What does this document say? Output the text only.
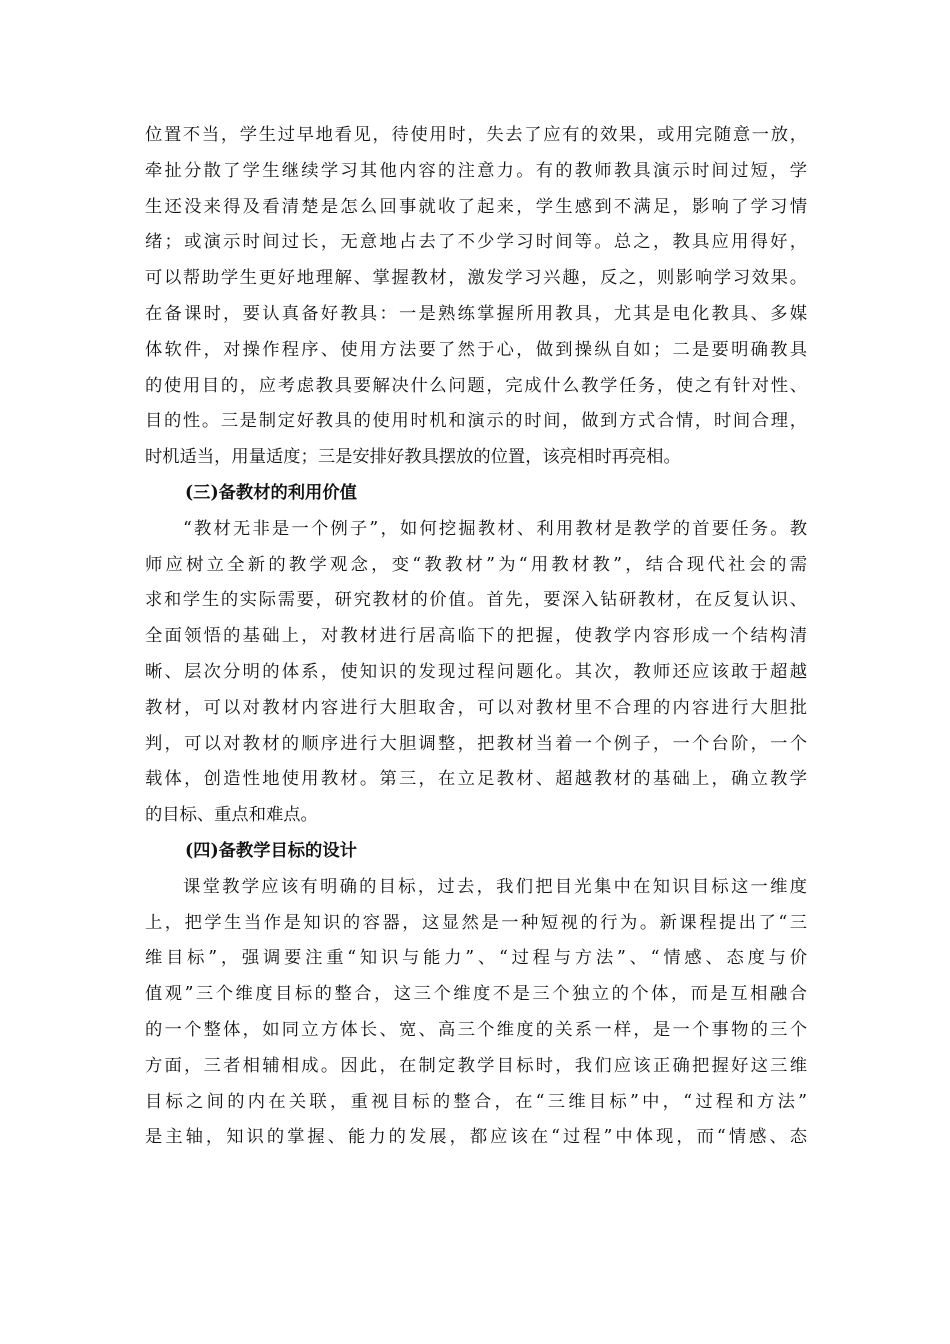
位置不当，学生过早地看见，待使用时，失去了应有的效果，或用完随意一放，
牵扯分散了学生继续学习其他内容的注意力。有的教师教具演示时间过短，学
生还没来得及看清楚是怎么回事就收了起来，学生感到不满足，影响了学习情
绪；或演示时间过长，无意地占去了不少学习时间等。总之，教具应用得好，
可以帮助学生更好地理解、掌握教材，激发学习兴趣，反之，则影响学习效果。
在备课时，要认真备好教具：一是熟练掌握所用教具，尤其是电化教具、多媒
体软件，对操作程序、使用方法要了然于心，做到操纵自如；二是要明确教具
的使用目的，应考虑教具要解决什么问题，完成什么教学任务，使之有针对性、
目的性。三是制定好教具的使用时机和演示的时间，做到方式合情，时间合理，
时机适当，用量适度；三是安排好教具摆放的位置，该亮相时再亮相。
(三)备教材的利用价值
“教材无非是一个例子”，如何挖掘教材、利用教材是教学的首要任务。教
师应树立全新的教学观念，变“教教材”为“用教材教”，结合现代社会的需
求和学生的实际需要，研究教材的价值。首先，要深入钻研教材，在反复认识、
全面领悟的基础上，对教材进行居高临下的把握，使教学内容形成一个结构清
晰、层次分明的体系，使知识的发现过程问题化。其次，教师还应该敢于超越
教材，可以对教材内容进行大胆取舍，可以对教材里不合理的内容进行大胆批
判，可以对教材的顺序进行大胆调整，把教材当着一个例子，一个台阶，一个
载体，创造性地使用教材。第三，在立足教材、超越教材的基础上，确立教学
的目标、重点和难点。
(四)备教学目标的设计
课堂教学应该有明确的目标，过去，我们把目光集中在知识目标这一维度
上，把学生当作是知识的容器，这显然是一种短视的行为。新课程提出了“三
维目标”，强调要注重“知识与能力”、“过程与方法”、“情感、态度与价
值观”三个维度目标的整合，这三个维度不是三个独立的个体，而是互相融合
的一个整体，如同立方体长、宽、高三个维度的关系一样，是一个事物的三个
方面，三者相辅相成。因此，在制定教学目标时，我们应该正确把握好这三维
目标之间的内在关联，重视目标的整合，在“三维目标”中，“过程和方法”
是主轴，知识的掌握、能力的发展，都应该在“过程”中体现，而“情感、态
